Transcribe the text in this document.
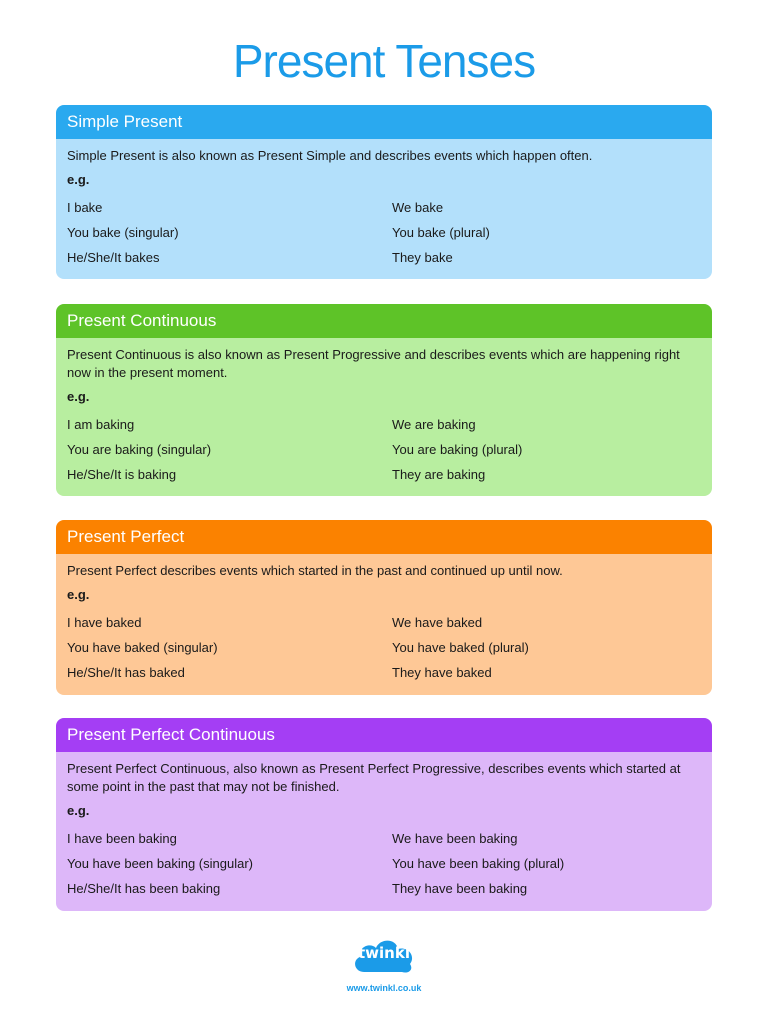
Present Tenses
Simple Present

Simple Present is also known as Present Simple and describes events which happen often.

e.g.

I bake	We bake
You bake (singular)	You bake (plural)
He/She/It bakes	They bake
Present Continuous

Present Continuous is also known as Present Progressive and describes events which are happening right now in the present moment.

e.g.

I am baking	We are baking
You are baking (singular)	You are baking (plural)
He/She/It is baking	They are baking
Present Perfect

Present Perfect describes events which started in the past and continued up until now.

e.g.

I have baked	We have baked
You have baked (singular)	You have baked (plural)
He/She/It has baked	They have baked
Present Perfect Continuous

Present Perfect Continuous, also known as Present Perfect Progressive, describes events which started at some point in the past that may not be finished.

e.g.

I have been baking	We have been baking
You have been baking (singular)	You have been baking (plural)
He/She/It has been baking	They have been baking
twinkl
www.twinkl.co.uk
